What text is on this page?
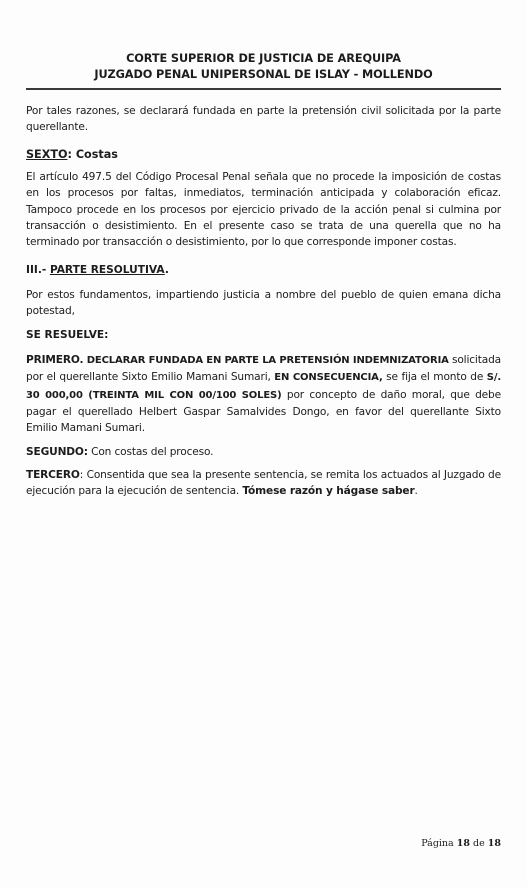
CORTE SUPERIOR DE JUSTICIA DE AREQUIPA
JUZGADO PENAL UNIPERSONAL DE ISLAY - MOLLENDO

Por tales razones, se declarará fundada en parte la pretensión civil solicitada por la parte querellante.

SEXTO: Costas

El artículo 497.5 del Código Procesal Penal señala que no procede la imposición de costas en los procesos por faltas, inmediatos, terminación anticipada y colaboración eficaz. Tampoco procede en los procesos por ejercicio privado de la acción penal si culmina por transacción o desistimiento. En el presente caso se trata de una querella que no ha terminado por transacción o desistimiento, por lo que corresponde imponer costas.

III.- PARTE RESOLUTIVA.

Por estos fundamentos, impartiendo justicia a nombre del pueblo de quien emana dicha potestad,

SE RESUELVE:

PRIMERO. DECLARAR FUNDADA EN PARTE LA PRETENSIÓN INDEMNIZATORIA solicitada por el querellante Sixto Emilio Mamani Sumari, EN CONSECUENCIA, se fija el monto de S/. 30 000,00 (TREINTA MIL CON 00/100 SOLES) por concepto de daño moral, que debe pagar el querellado Helbert Gaspar Samalvides Dongo, en favor del querellante Sixto Emilio Mamani Sumari.

SEGUNDO: Con costas del proceso.

TERCERO: Consentida que sea la presente sentencia, se remita los actuados al Juzgado de ejecución para la ejecución de sentencia. Tómese razón y hágase saber.

Página 18 de 18
